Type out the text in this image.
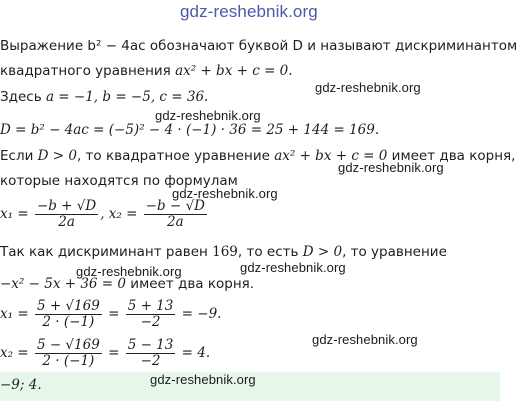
gdz-reshebnik.org
gdz-reshebnik.org
gdz-reshebnik.org
gdz-reshebnik.org
gdz-reshebnik.org
gdz-reshebnik.org	gdz-reshebnik.org
gdz-reshebnik.org
gdz-reshebnik.org
Выражение b² − 4ac обозначают буквой D и называют дискриминантом
квадратного уравнения ax² + bx + c = 0.
Здесь a = −1, b = −5, c = 36.
D = b² − 4ac = (−5)² − 4 · (−1) · 36 = 25 + 144 = 169.
Если D > 0, то квадратное уравнение ax² + bx + c = 0 имеет два корня,
которые находятся по формулам
$x_1 = \frac{-b + √D}{2a}$ , $x_2 = \frac{-b - √D}{2a}$
Так как дискриминант равен 169, то есть D > 0, то уравнение
−x² − 5x + 36 = 0 имеет два корня.
$x_1 = \frac{5 + √169}{2 \cdot (-1)} = \frac{5 + 13}{-2} = -9$.
$x_2 = \frac{5 - √169}{2 \cdot (-1)} = \frac{5 - 13}{-2} = 4$.
−9; 4.
